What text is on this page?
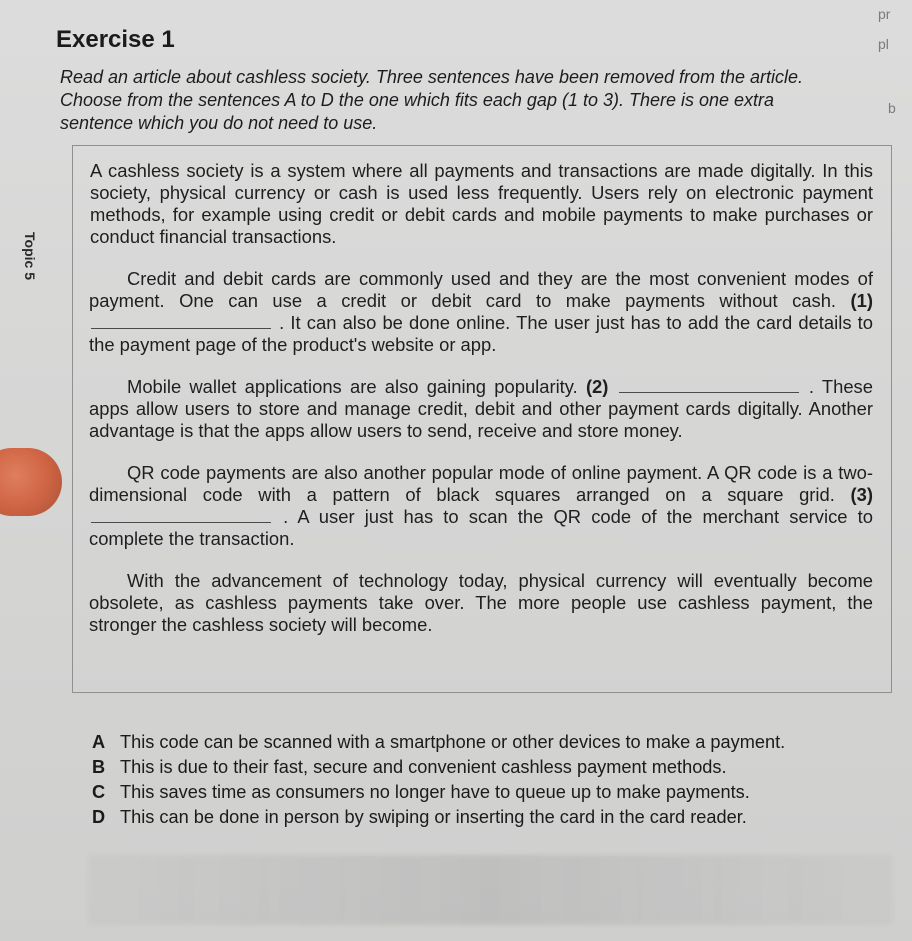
pr
pl
b
Topic 5
Exercise 1
Read an article about cashless society. Three sentences have been removed from the article.
Choose from the sentences A to D the one which fits each gap (1 to 3). There is one extra
sentence which you do not need to use.

A cashless society is a system where all payments and transactions are made digitally. In this society, physical currency or cash is used less frequently. Users rely on electronic payment methods, for example using credit or debit cards and mobile payments to make purchases or conduct financial transactions.

Credit and debit cards are commonly used and they are the most convenient modes of payment. One can use a credit or debit card to make payments without cash. (1)  . It can also be done online. The user just has to add the card details to the payment page of the product's website or app.

Mobile wallet applications are also gaining popularity. (2)	. These apps allow users to store and manage credit, debit and other payment cards digitally. Another advantage is that the apps allow users to send, receive and store money.

QR code payments are also another popular mode of online payment. A QR code is a two-dimensional code with a pattern of black squares arranged on a square grid. (3)  . A user just has to scan the QR code of the merchant service to complete the transaction.

With the advancement of technology today, physical currency will eventually become obsolete, as cashless payments take over. The more people use cashless payment, the stronger the cashless society will become.

A This code can be scanned with a smartphone or other devices to make a payment.
B This is due to their fast, secure and convenient cashless payment methods.
C This saves time as consumers no longer have to queue up to make payments.
D This can be done in person by swiping or inserting the card in the card reader.
